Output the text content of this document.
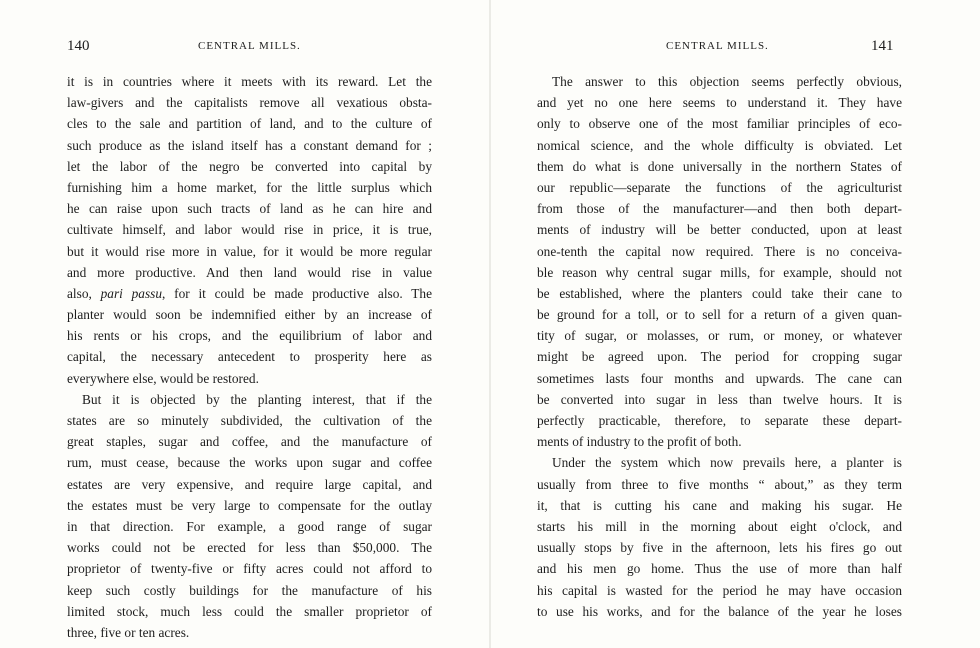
140	CENTRAL MILLS.
it is in countries where it meets with its reward. Let the
law-givers and the capitalists remove all vexatious obsta-
cles to the sale and partition of land, and to the culture of
such produce as the island itself has a constant demand for ;
let the labor of the negro be converted into capital by
furnishing him a home market, for the little surplus which
he can raise upon such tracts of land as he can hire and
cultivate himself, and labor would rise in price, it is true,
but it would rise more in value, for it would be more regular
and more productive. And then land would rise in value
also, pari passu, for it could be made productive also. The
planter would soon be indemnified either by an increase of
his rents or his crops, and the equilibrium of labor and
capital, the necessary antecedent to prosperity here as
everywhere else, would be restored.
But it is objected by the planting interest, that if the
states are so minutely subdivided, the cultivation of the
great staples, sugar and coffee, and the manufacture of
rum, must cease, because the works upon sugar and coffee
estates are very expensive, and require large capital, and
the estates must be very large to compensate for the outlay
in that direction. For example, a good range of sugar
works could not be erected for less than $50,000. The
proprietor of twenty-five or fifty acres could not afford to
keep such costly buildings for the manufacture of his
limited stock, much less could the smaller proprietor of
three, five or ten acres.
CENTRAL MILLS.	141
The answer to this objection seems perfectly obvious,
and yet no one here seems to understand it. They have
only to observe one of the most familiar principles of eco-
nomical science, and the whole difficulty is obviated. Let
them do what is done universally in the northern States of
our republic—separate the functions of the agriculturist
from those of the manufacturer—and then both depart-
ments of industry will be better conducted, upon at least
one-tenth the capital now required. There is no conceiva-
ble reason why central sugar mills, for example, should not
be established, where the planters could take their cane to
be ground for a toll, or to sell for a return of a given quan-
tity of sugar, or molasses, or rum, or money, or whatever
might be agreed upon. The period for cropping sugar
sometimes lasts four months and upwards. The cane can
be converted into sugar in less than twelve hours. It is
perfectly practicable, therefore, to separate these depart-
ments of industry to the profit of both.
Under the system which now prevails here, a planter is
usually from three to five months “ about,” as they term
it, that is cutting his cane and making his sugar. He
starts his mill in the morning about eight o'clock, and
usually stops by five in the afternoon, lets his fires go out
and his men go home. Thus the use of more than half
his capital is wasted for the period he may have occasion
to use his works, and for the balance of the year he loses
